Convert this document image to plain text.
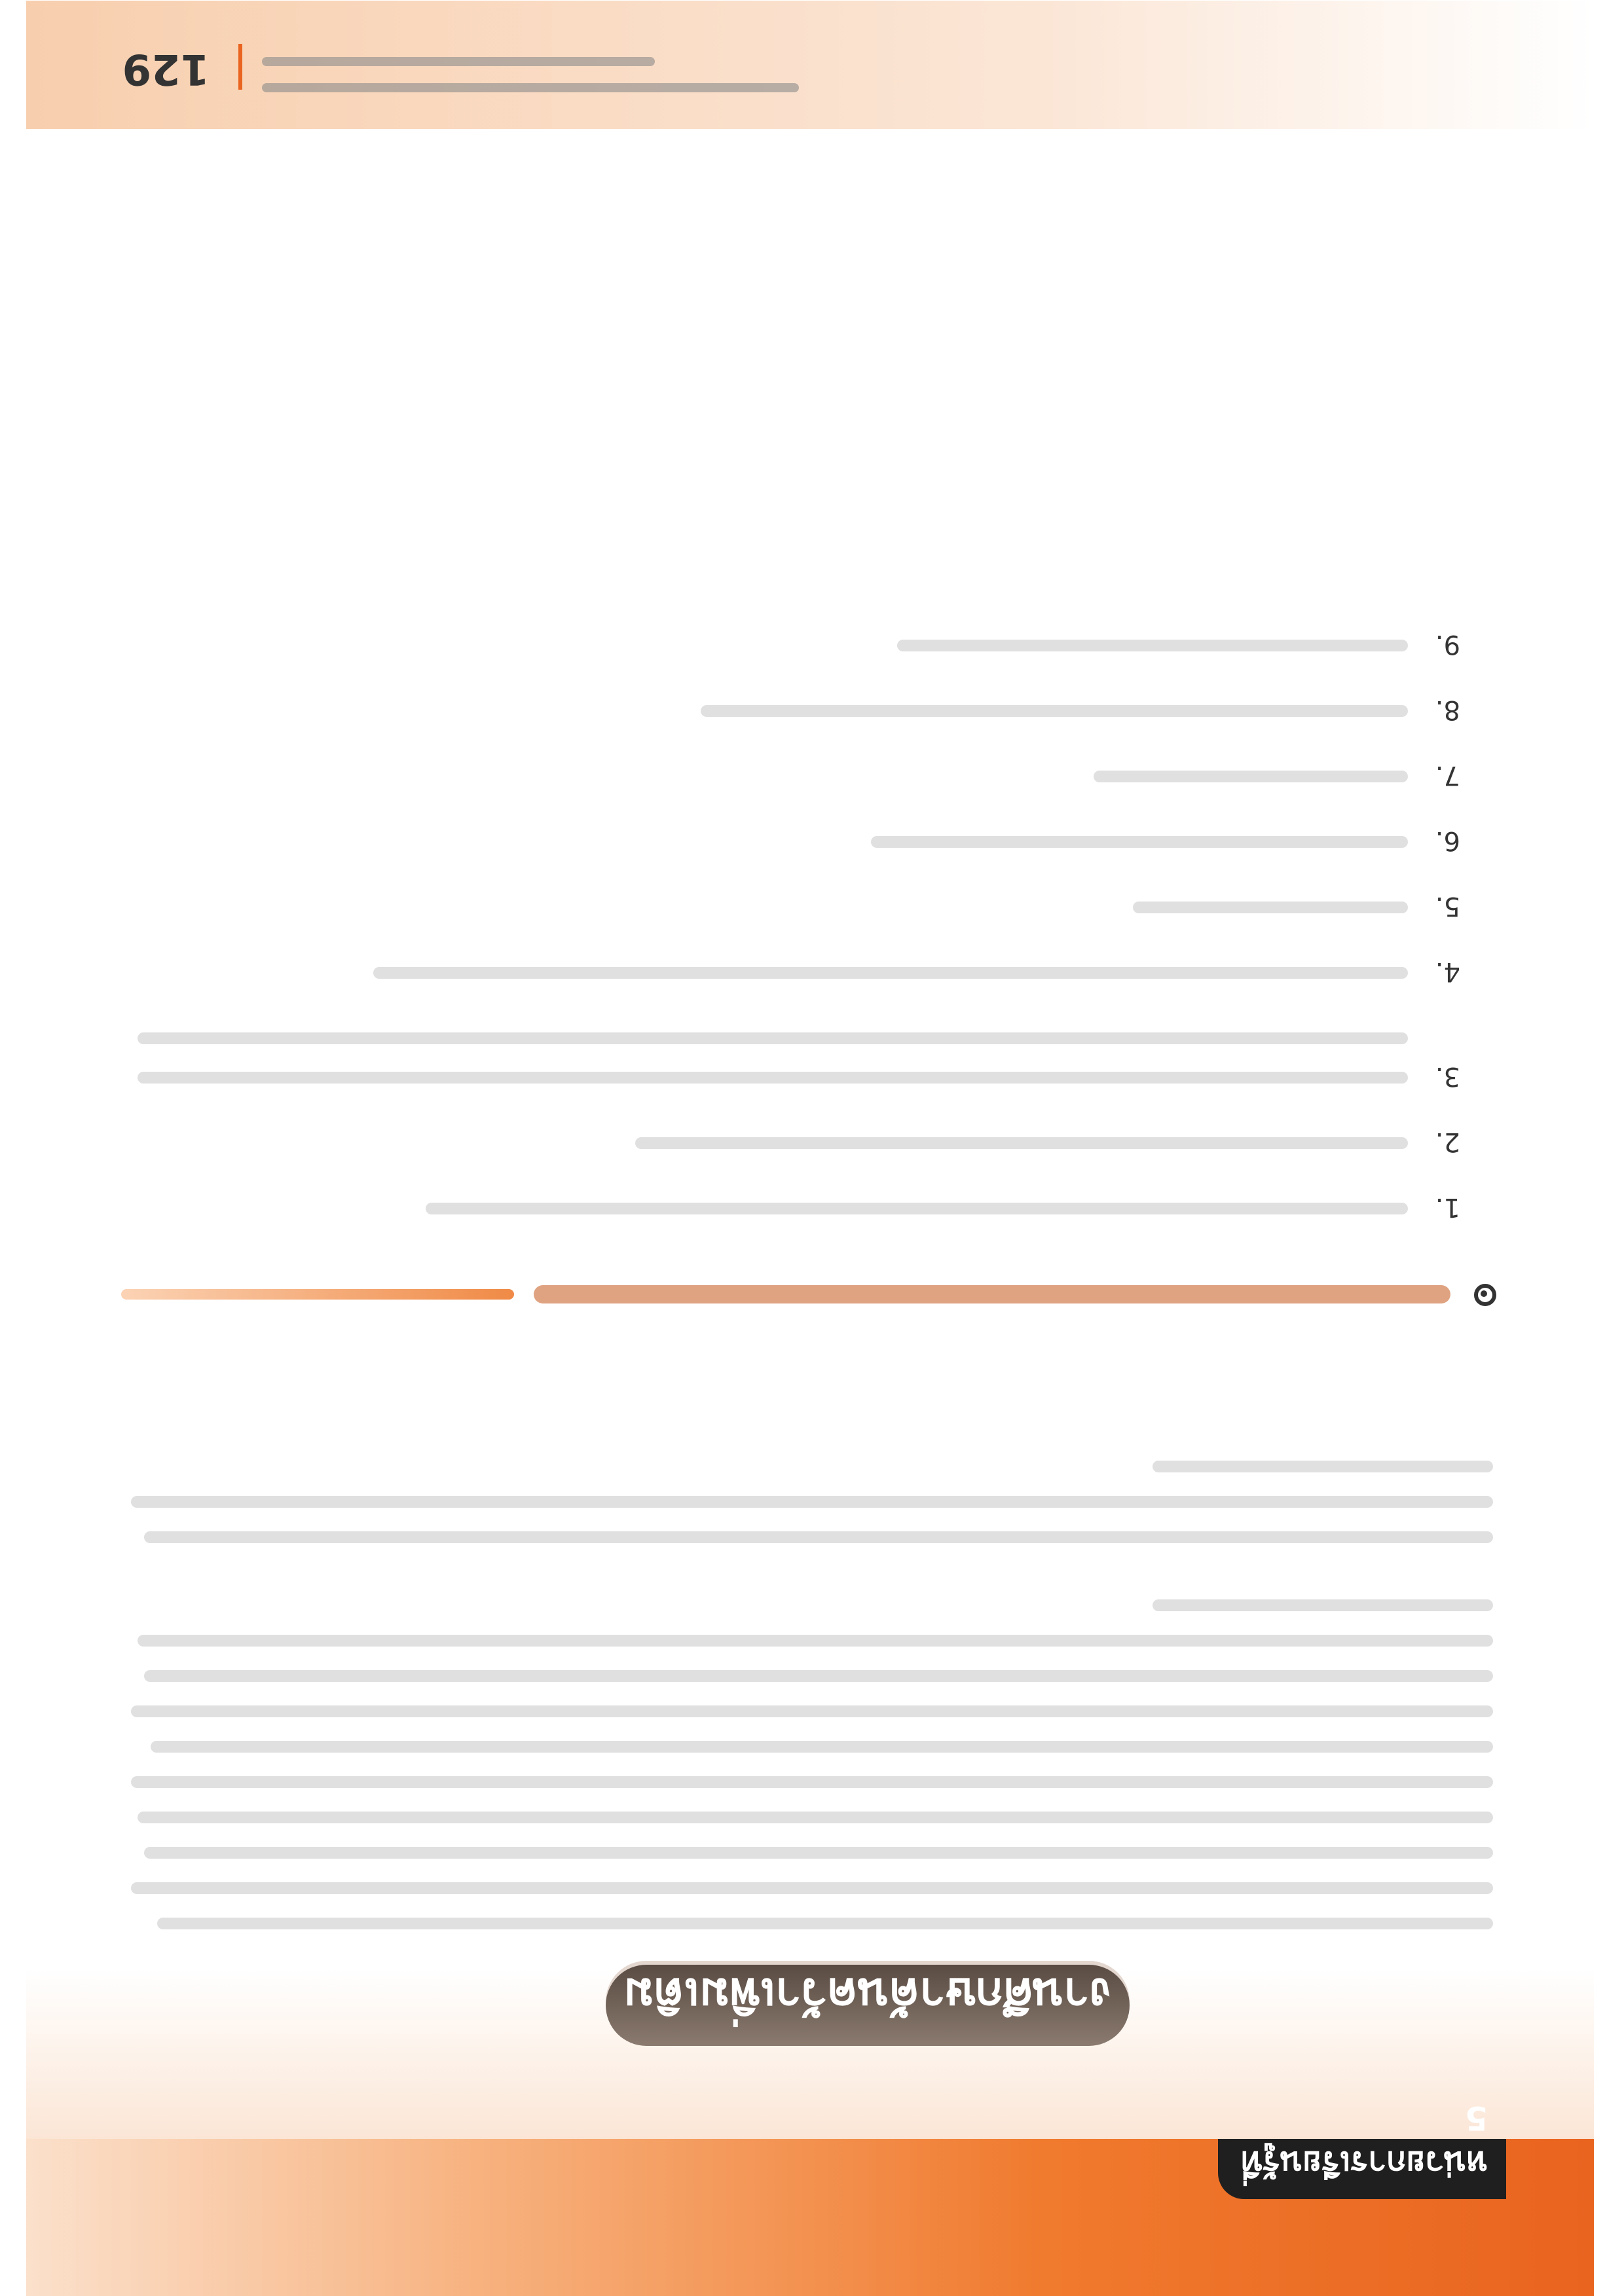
หน่วยการเรียนรู้ที่ 5
งานศึกษาค้นคว้าเพิ่มเติม
1.
2.
3.
4.
5.
6.
7.
8.
9.
129
